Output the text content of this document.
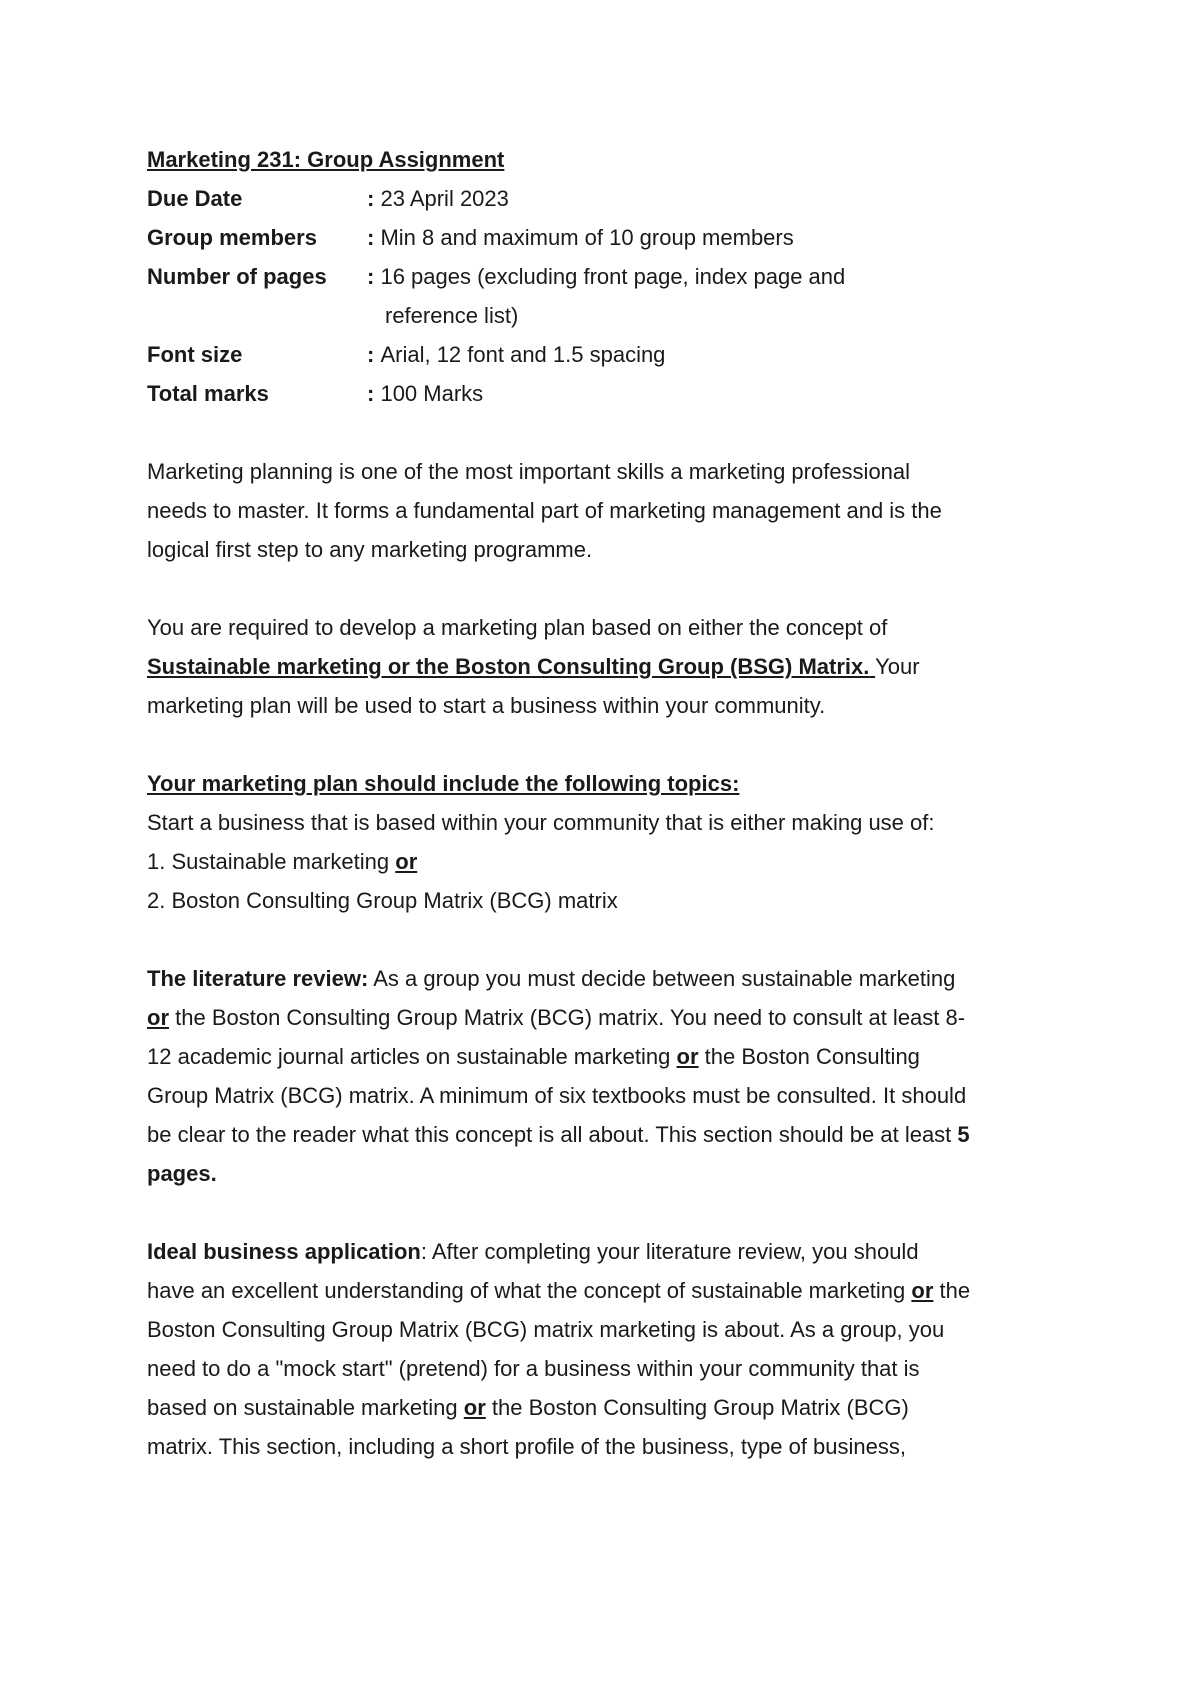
Marketing 231: Group Assignment
Due Date	: 23 April 2023
Group members : Min 8 and maximum of 10 group members
Number of pages : 16 pages (excluding front page, index page and
reference list)
Font size	: Arial, 12 font and 1.5 spacing
Total marks	: 100 Marks
Marketing planning is one of the most important skills a marketing professional
needs to master. It forms a fundamental part of marketing management and is the
logical first step to any marketing programme.
You are required to develop a marketing plan based on either the concept of
Sustainable marketing or the Boston Consulting Group (BSG) Matrix. Your
marketing plan will be used to start a business within your community.
Your marketing plan should include the following topics:
Start a business that is based within your community that is either making use of:
1. Sustainable marketing or
2. Boston Consulting Group Matrix (BCG) matrix
The literature review: As a group you must decide between sustainable marketing
or the Boston Consulting Group Matrix (BCG) matrix. You need to consult at least 8-
12 academic journal articles on sustainable marketing or the Boston Consulting
Group Matrix (BCG) matrix. A minimum of six textbooks must be consulted. It should
be clear to the reader what this concept is all about. This section should be at least 5
pages.
Ideal business application: After completing your literature review, you should
have an excellent understanding of what the concept of sustainable marketing or the
Boston Consulting Group Matrix (BCG) matrix marketing is about. As a group, you
need to do a "mock start" (pretend) for a business within your community that is
based on sustainable marketing or the Boston Consulting Group Matrix (BCG)
matrix. This section, including a short profile of the business, type of business,
